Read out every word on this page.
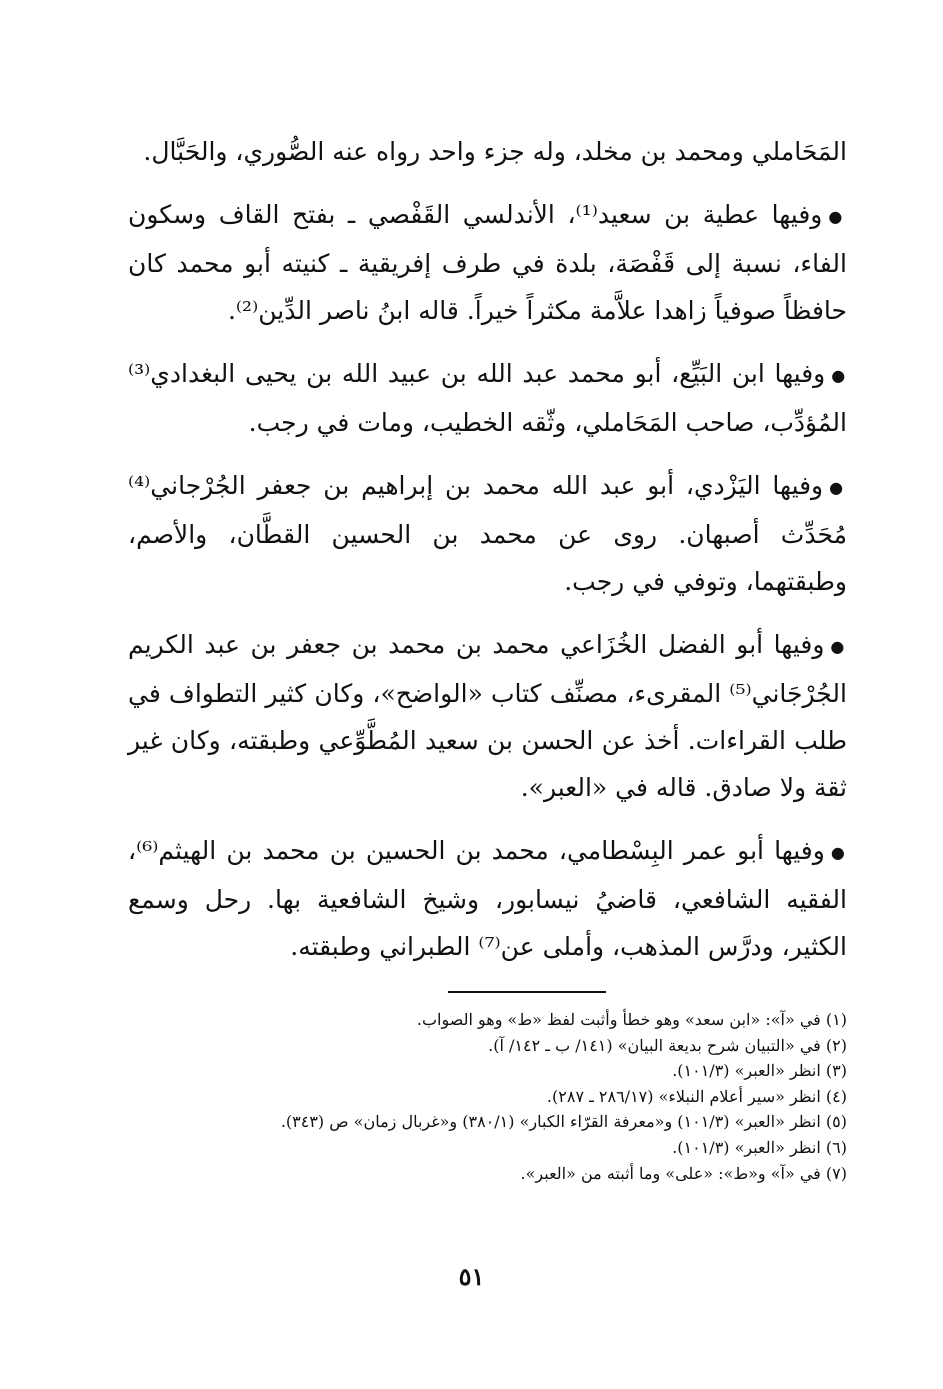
المَحَاملي ومحمد بن مخلد، وله جزء واحد رواه عنه الصُّوري، والحَبَّال.

●وفيها عطية بن سعيد⁽¹⁾، الأندلسي القَفْصي ـ بفتح القاف وسكون الفاء، نسبة إلى قَفْصَة، بلدة في طرف إفريقية ـ كنيته أبو محمد كان حافظاً صوفياً زاهدا علاَّمة مكثراً خيراً. قاله ابنُ ناصر الدِّين⁽²⁾.

●وفيها ابن البَيِّع، أبو محمد عبد الله بن عبيد الله بن يحيى البغدادي⁽³⁾ المُؤدِّب، صاحب المَحَاملي، وثّقه الخطيب، ومات في رجب.

●وفيها اليَزْدي، أبو عبد الله محمد بن إبراهيم بن جعفر الجُرْجاني⁽⁴⁾ مُحَدِّث أصبهان. روى عن محمد بن الحسين القطَّان، والأصم، وطبقتهما، وتوفي في رجب.

●وفيها أبو الفضل الخُزَاعي محمد بن محمد بن جعفر بن عبد الكريم الجُرْجَاني⁽⁵⁾ المقرىء، مصنِّف كتاب «الواضح»، وكان كثير التطواف في طلب القراءات. أخذ عن الحسن بن سعيد المُطَّوِّعي وطبقته، وكان غير ثقة ولا صادق. قاله في «العبر».

●وفيها أبو عمر البِسْطامي، محمد بن الحسين بن محمد بن الهيثم⁽⁶⁾، الفقيه الشافعي، قاضيُ نيسابور، وشيخ الشافعية بها. رحل وسمع الكثير، ودرَّس المذهب، وأملى عن⁽⁷⁾ الطبراني وطبقته.

(١) في «آ»: «ابن سعد» وهو خطأ وأثبت لفظ «ط» وهو الصواب.

(٢) في «التبيان شرح بديعة البيان» (١٤١/ ب ـ ١٤٢/ آ).

(٣) انظر «العبر» (١٠١/٣).

(٤) انظر «سير أعلام النبلاء» (٢٨٦/١٧ ـ ٢٨٧).

(٥) انظر «العبر» (١٠١/٣) و«معرفة القرّاء الكبار» (٣٨٠/١) و«غربال زمان» ص (٣٤٣).

(٦) انظر «العبر» (١٠١/٣).

(٧) في «آ» و«ط»: «على» وما أثبته من «العبر».

٥١
